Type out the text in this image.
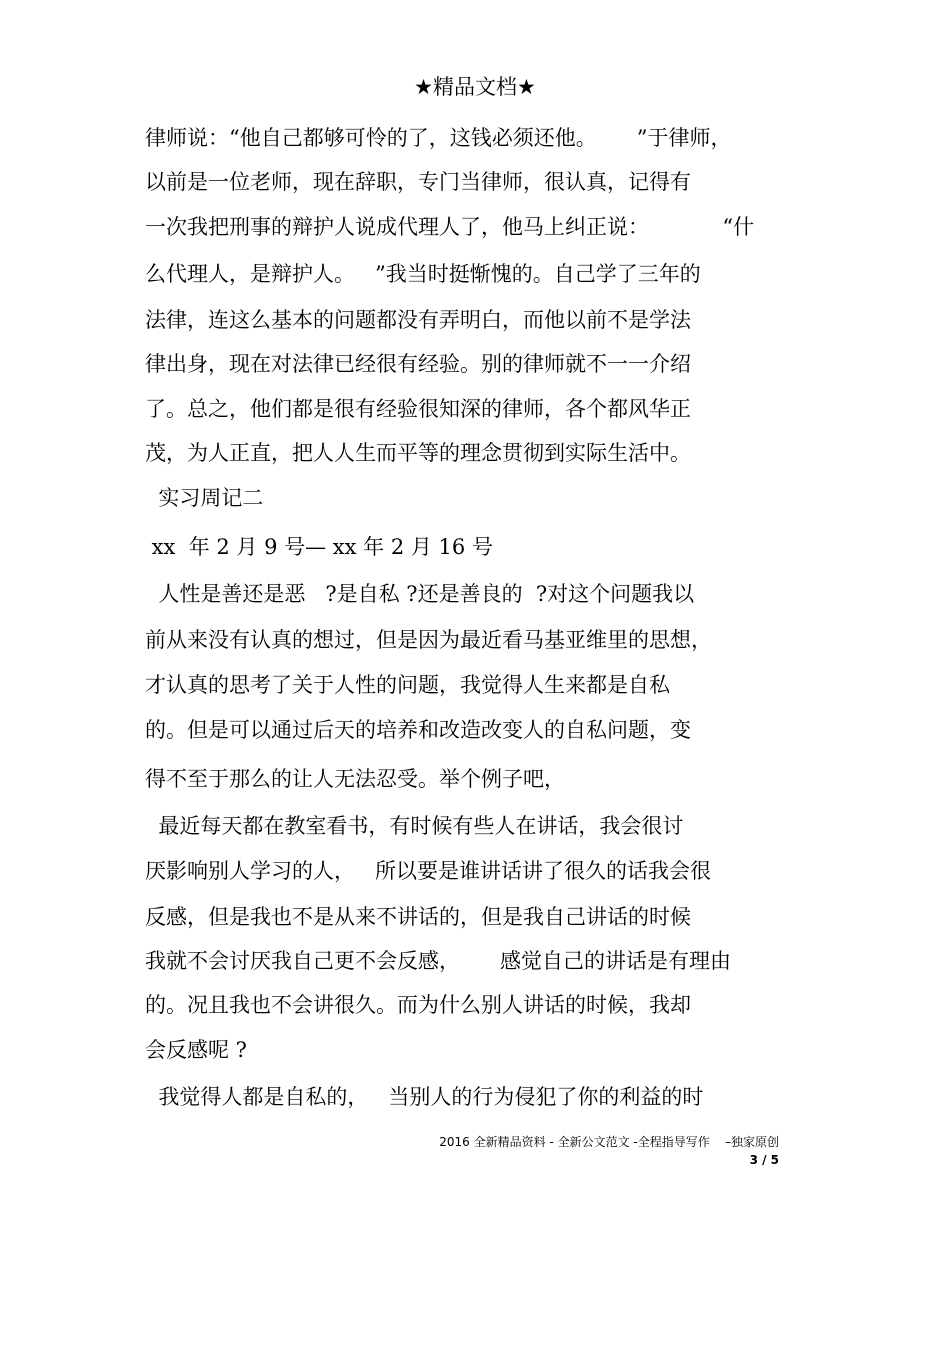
★精品文档★
律师说：“他自己都够可怜的了，这钱必须还他。      ”于律师，
以前是一位老师，现在辞职，专门当律师，很认真，记得有
一次我把刑事的辩护人说成代理人了，他马上纠正说：           “什
么代理人，是辩护人。   ”我当时挺惭愧的。自己学了三年的
法律，连这么基本的问题都没有弄明白，而他以前不是学法
律出身，现在对法律已经很有经验。别的律师就不一一介绍
了。总之，他们都是很有经验很知深的律师，各个都风华正
茂，为人正直，把人人生而平等的理念贯彻到实际生活中。
实习周记二
xx  年 2 月 9 号— xx 年 2 月 16 号
人性是善还是恶   ?是自私 ?还是善良的  ?对这个问题我以
前从来没有认真的想过，但是因为最近看马基亚维里的思想，
才认真的思考了关于人性的问题，我觉得人生来都是自私
的。但是可以通过后天的培养和改造改变人的自私问题，变
得不至于那么的让人无法忍受。举个例子吧，
最近每天都在教室看书，有时候有些人在讲话，我会很讨
厌影响别人学习的人，   所以要是谁讲话讲了很久的话我会很
反感，但是我也不是从来不讲话的，但是我自己讲话的时候
我就不会讨厌我自己更不会反感，      感觉自己的讲话是有理由
的。况且我也不会讲很久。而为什么别人讲话的时候，我却
会反感呢 ?
我觉得人都是自私的，   当别人的行为侵犯了你的利益的时
2016 全新精品资料 - 全新公文范文 -全程指导写作    –独家原创
3 / 5
